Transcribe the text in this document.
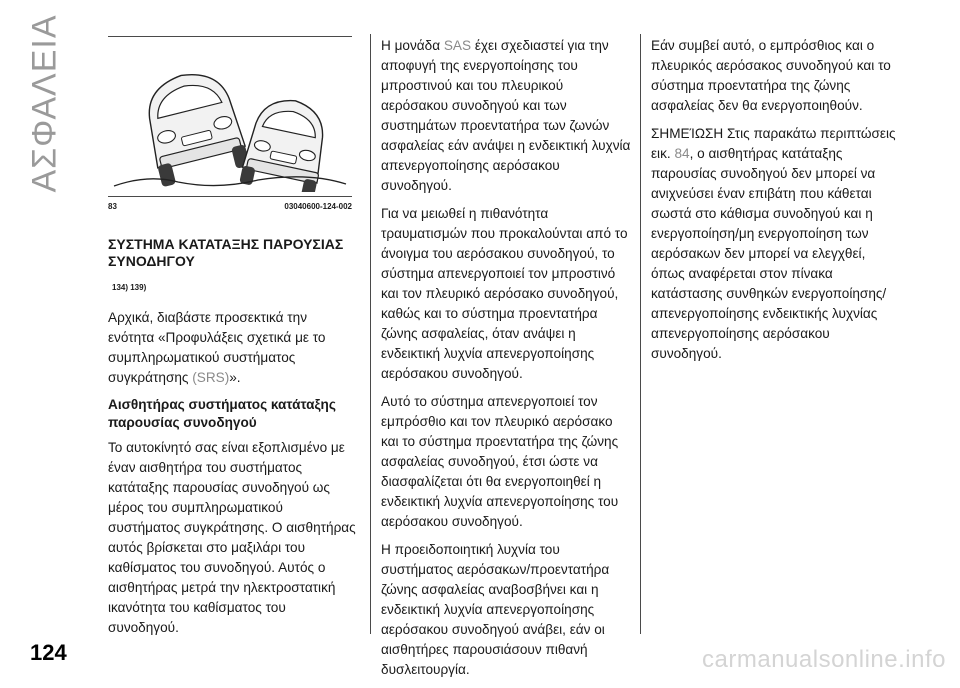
ΑΣΦΑΛΕΙΑ
83	03040600-124-002
ΣΥΣΤΗΜΑ ΚΑΤΑΤΑΞΗΣ ΠΑΡΟΥΣΙΑΣ ΣΥΝΟΔΗΓΟΥ
134) 139)

Αρχικά, διαβάστε προσεκτικά την ενότητα «Προφυλάξεις σχετικά με το συμπληρωματικού συστήματος συγκράτησης (SRS)».

Αισθητήρας συστήματος κατάταξης παρουσίας συνοδηγού

Το αυτοκίνητό σας είναι εξοπλισμένο με έναν αισθητήρα του συστήματος κατάταξης παρουσίας συνοδηγού ως μέρος του συμπληρωματικού συστήματος συγκράτησης. Ο αισθητήρας αυτός βρίσκεται στο μαξιλάρι του καθίσματος του συνοδηγού. Αυτός ο αισθητήρας μετρά την ηλεκτροστατική ικανότητα του καθίσματος του συνοδηγού.

Η μονάδα SAS έχει σχεδιαστεί για την αποφυγή της ενεργοποίησης του μπροστινού και του πλευρικού αερόσακου συνοδηγού και των συστημάτων προεντατήρα των ζωνών ασφαλείας εάν ανάψει η ενδεικτική λυχνία απενεργοποίησης αερόσακου συνοδηγού.

Για να μειωθεί η πιθανότητα τραυματισμών που προκαλούνται από το άνοιγμα του αερόσακου συνοδηγού, το σύστημα απενεργοποιεί τον μπροστινό και τον πλευρικό αερόσακο συνοδηγού, καθώς και το σύστημα προεντατήρα ζώνης ασφαλείας, όταν ανάψει η ενδεικτική λυχνία απενεργοποίησης αερόσακου συνοδηγού.

Αυτό το σύστημα απενεργοποιεί τον εμπρόσθιο και τον πλευρικό αερόσακο και το σύστημα προεντατήρα της ζώνης ασφαλείας συνοδηγού, έτσι ώστε να διασφαλίζεται ότι θα ενεργοποιηθεί η ενδεικτική λυχνία απενεργοποίησης του αερόσακου συνοδηγού.

Η προειδοποιητική λυχνία του συστήματος αερόσακων/προεντατήρα ζώνης ασφαλείας αναβοσβήνει και η ενδεικτική λυχνία απενεργοποίησης αερόσακου συνοδηγού ανάβει, εάν οι αισθητήρες παρουσιάσουν πιθανή δυσλειτουργία.

Εάν συμβεί αυτό, ο εμπρόσθιος και ο πλευρικός αερόσακος συνοδηγού και το σύστημα προεντατήρα της ζώνης ασφαλείας δεν θα ενεργοποιηθούν.

ΣΗΜΕΊΩΣΗ Στις παρακάτω περιπτώσεις εικ. 84, ο αισθητήρας κατάταξης παρουσίας συνοδηγού δεν μπορεί να ανιχνεύσει έναν επιβάτη που κάθεται σωστά στο κάθισμα συνοδηγού και η ενεργοποίηση/μη ενεργοποίηση των αερόσακων δεν μπορεί να ελεγχθεί, όπως αναφέρεται στον πίνακα κατάστασης συνθηκών ενεργοποίησης/απενεργοποίησης ενδεικτικής λυχνίας απενεργοποίησης αερόσακου συνοδηγού.

124	carmanualsonline.info
